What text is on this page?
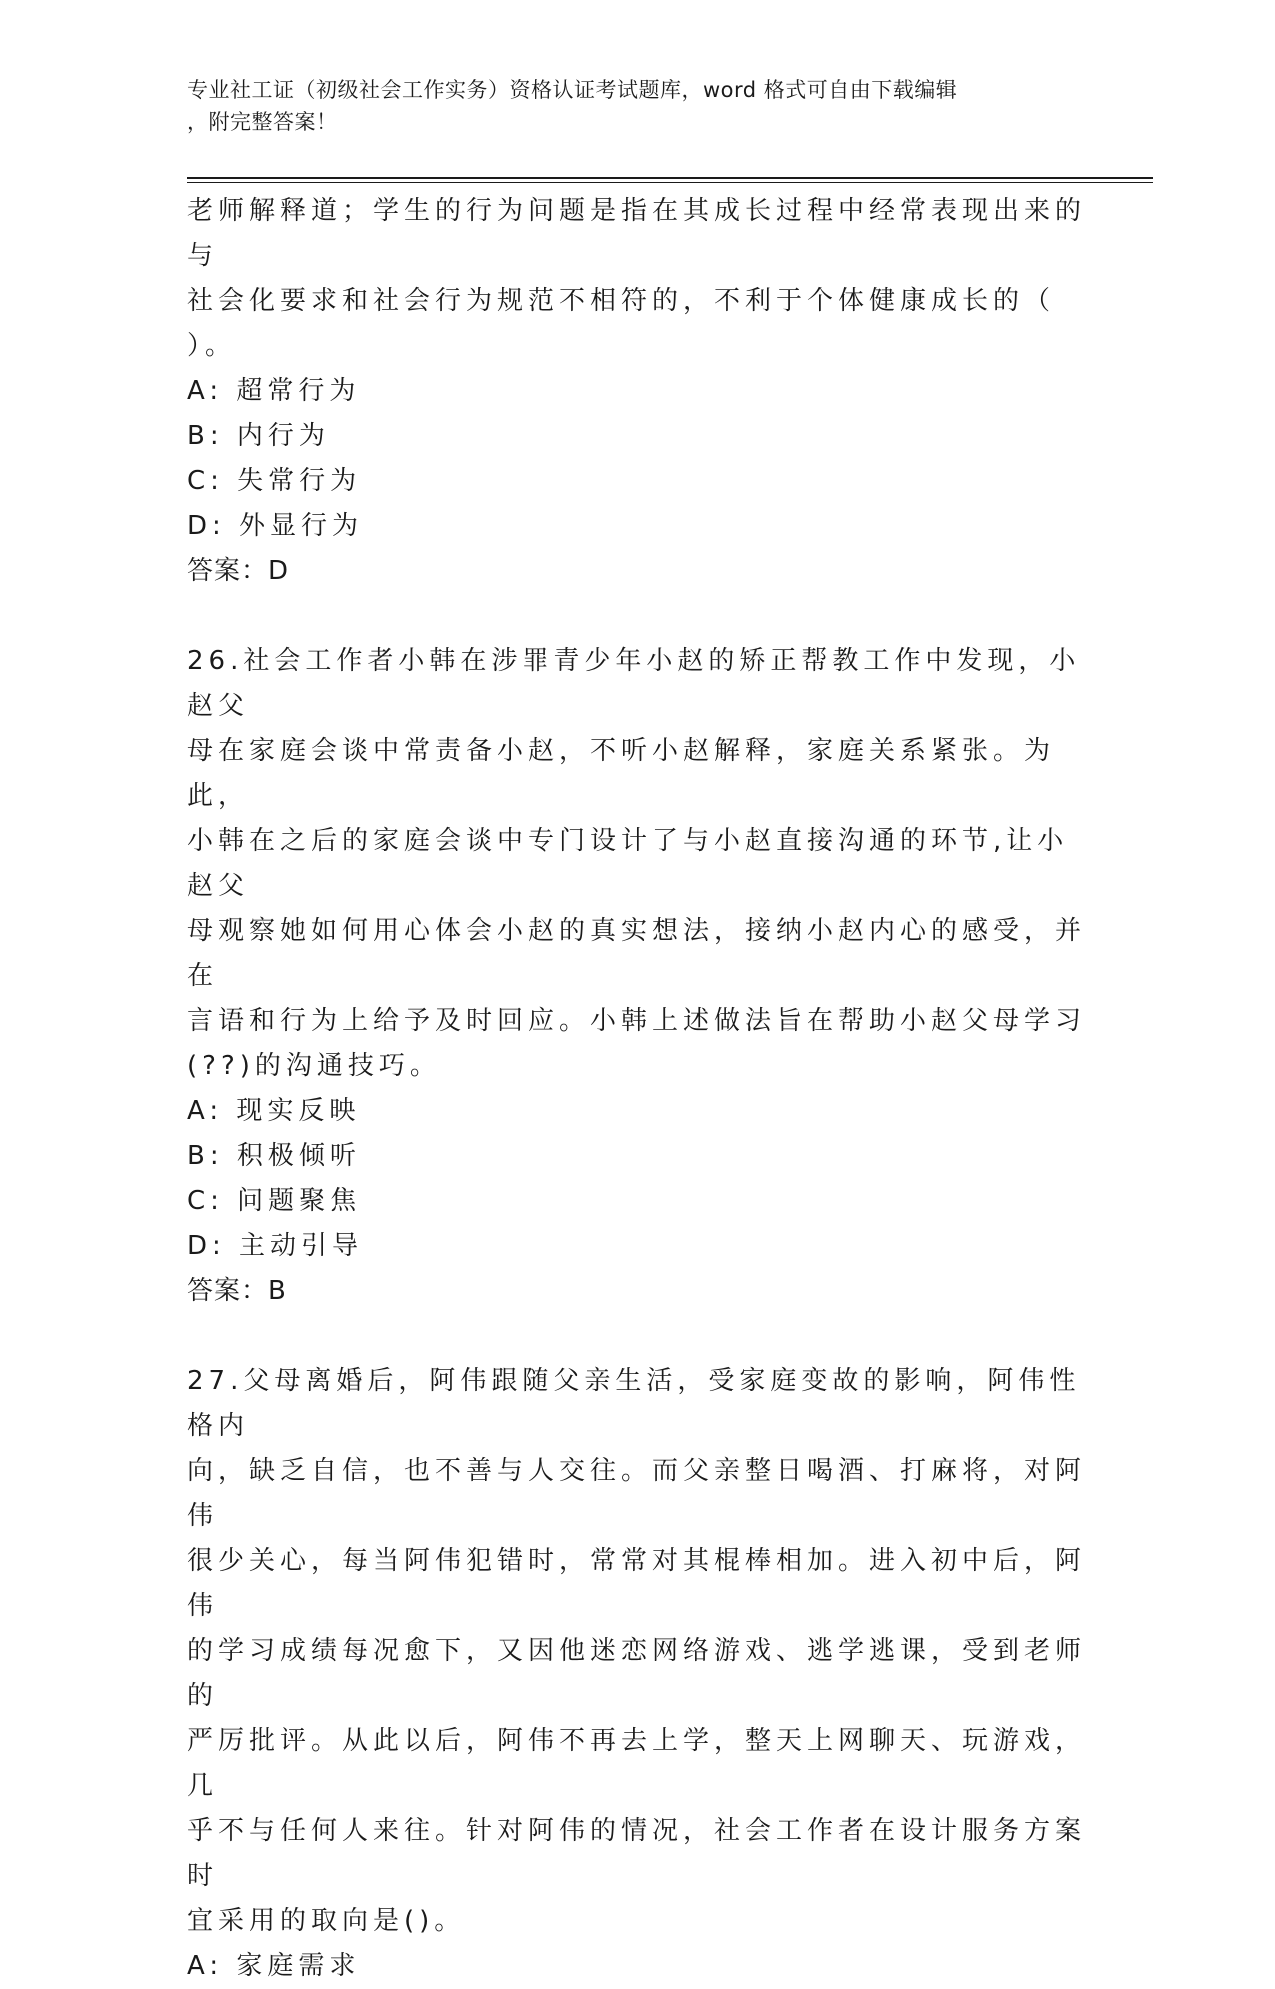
专业社工证（初级社会工作实务）资格认证考试题库，word 格式可自由下载编辑
，附完整答案！
老师解释道；学生的行为问题是指在其成长过程中经常表现出来的与
社会化要求和社会行为规范不相符的，不利于个体健康成长的（ ）。
A: 超常行为
B: 内行为
C: 失常行为
D: 外显行为
答案：D
26.社会工作者小韩在涉罪青少年小赵的矫正帮教工作中发现，小赵父
母在家庭会谈中常责备小赵，不听小赵解释，家庭关系紧张。为此，
小韩在之后的家庭会谈中专门设计了与小赵直接沟通的环节,让小赵父
母观察她如何用心体会小赵的真实想法，接纳小赵内心的感受，并在
言语和行为上给予及时回应。小韩上述做法旨在帮助小赵父母学习
(??)的沟通技巧。
A: 现实反映
B: 积极倾听
C: 问题聚焦
D: 主动引导
答案：B
27.父母离婚后，阿伟跟随父亲生活，受家庭变故的影响，阿伟性格内
向，缺乏自信，也不善与人交往。而父亲整日喝酒、打麻将，对阿伟
很少关心，每当阿伟犯错时，常常对其棍棒相加。进入初中后，阿伟
的学习成绩每况愈下，又因他迷恋网络游戏、逃学逃课，受到老师的
严厉批评。从此以后，阿伟不再去上学，整天上网聊天、玩游戏，几
乎不与任何人来往。针对阿伟的情况，社会工作者在设计服务方案时
宜采用的取向是()。
A: 家庭需求
